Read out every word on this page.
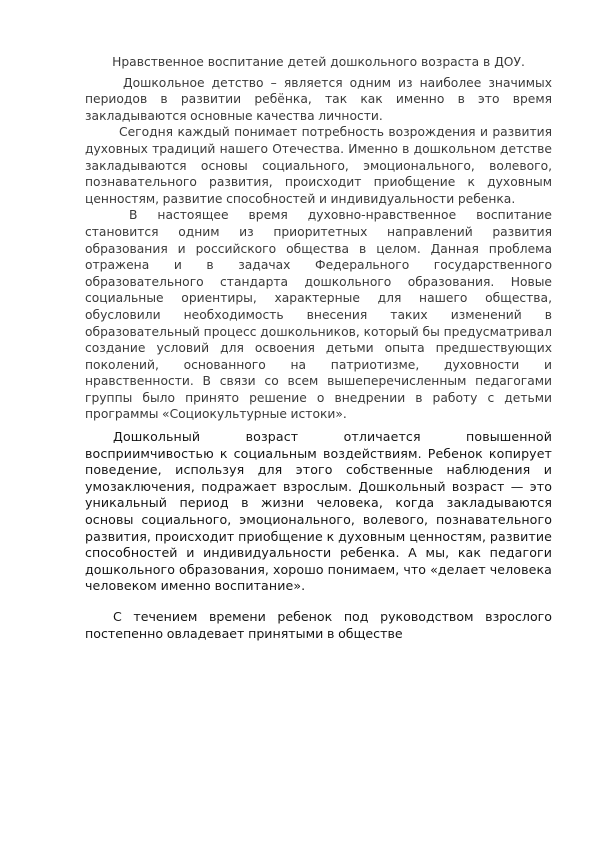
Нравственное воспитание детей дошкольного возраста в ДОУ.

Дошкольное детство – является одним из наиболее значимых периодов в развитии ребёнка, так как именно в это время закладываются основные качества личности.

Сегодня каждый понимает потребность возрождения и развития духовных традиций нашего Отечества. Именно в дошкольном детстве закладываются основы социального, эмоционального, волевого, познавательного развития, происходит приобщение к духовным ценностям, развитие способностей и индивидуальности ребенка.

В настоящее время духовно-нравственное воспитание становится одним из приоритетных направлений развития образования и российского общества в целом. Данная проблема отражена и в задачах Федерального государственного образовательного стандарта дошкольного образования. Новые социальные ориентиры, характерные для нашего общества, обусловили необходимость внесения таких изменений в образовательный процесс дошкольников, который бы предусматривал создание условий для освоения детьми опыта предшествующих поколений, основанного на патриотизме, духовности и нравственности. В связи со всем вышеперечисленным педагогами группы было принято решение о внедрении в работу с детьми программы «Социокультурные истоки».

Дошкольный возраст отличается повышенной восприимчивостью к социальным воздействиям. Ребенок копирует поведение, используя для этого собственные наблюдения и умозаключения, подражает взрослым. Дошкольный возраст — это уникальный период в жизни человека, когда закладываются основы социального, эмоционального, волевого, познавательного развития, происходит приобщение к духовным ценностям, развитие способностей и индивидуальности ребенка. А мы, как педагоги дошкольного образования, хорошо понимаем, что «делает человека человеком именно воспитание».

С течением времени ребенок под руководством взрослого постепенно овладевает принятыми в обществе
